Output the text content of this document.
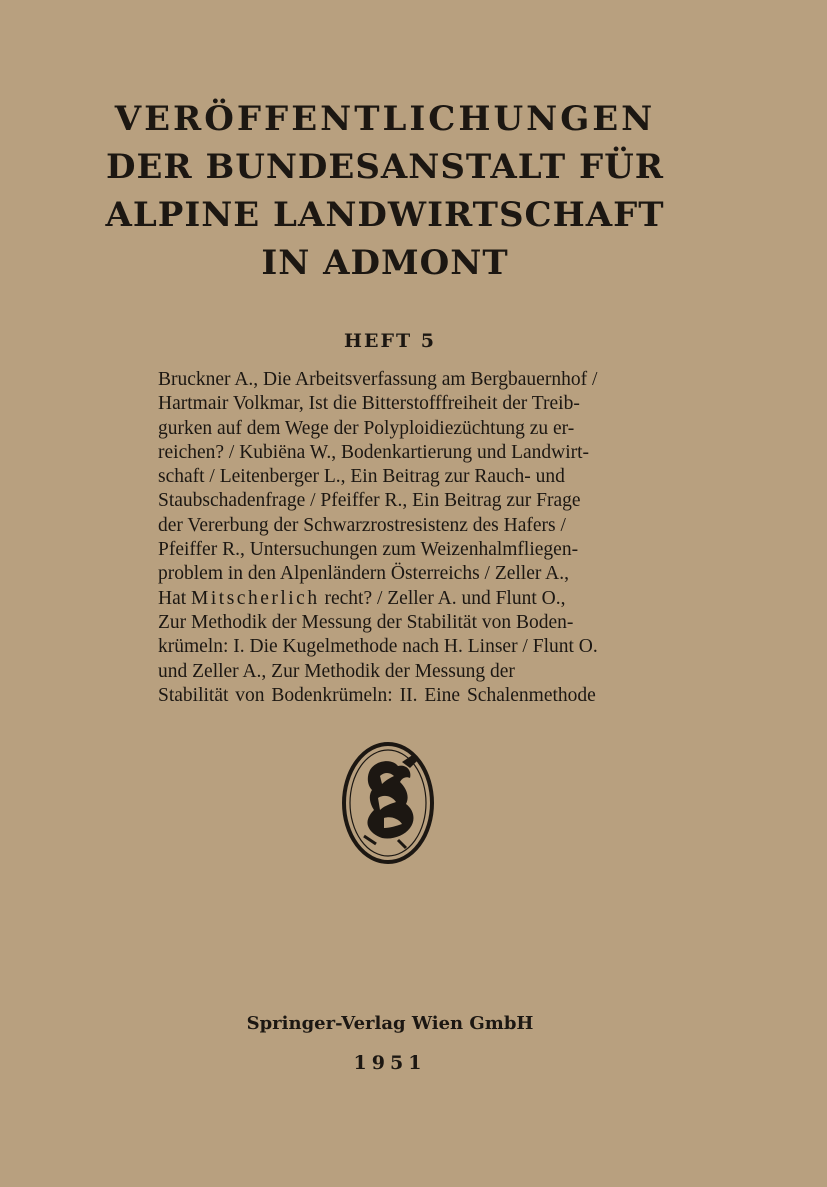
VERÖFFENTLICHUNGEN
DER BUNDESANSTALT FÜR
ALPINE LANDWIRTSCHAFT
IN ADMONT
HEFT 5
Bruckner A., Die Arbeitsverfassung am Bergbauernhof /
Hartmair Volkmar, Ist die Bitterstofffreiheit der Treib-
gurken auf dem Wege der Polyploidiezüchtung zu er-
reichen? / Kubiëna W., Bodenkartierung und Landwirt-
schaft / Leitenberger L., Ein Beitrag zur Rauch- und
Staubschadenfrage / Pfeiffer R., Ein Beitrag zur Frage
der Vererbung der Schwarzrostresistenz des Hafers /
Pfeiffer R., Untersuchungen zum Weizenhalmfliegen-
problem in den Alpenländern Österreichs / Zeller A.,
Hat Mitscherlich recht? / Zeller A. und Flunt O.,
Zur Methodik der Messung der Stabilität von Boden-
krümeln: I. Die Kugelmethode nach H. Linser / Flunt O.
und Zeller A., Zur Methodik der Messung der
Stabilität von Bodenkrümeln: II. Eine Schalenmethode
Springer-Verlag Wien GmbH
1951
